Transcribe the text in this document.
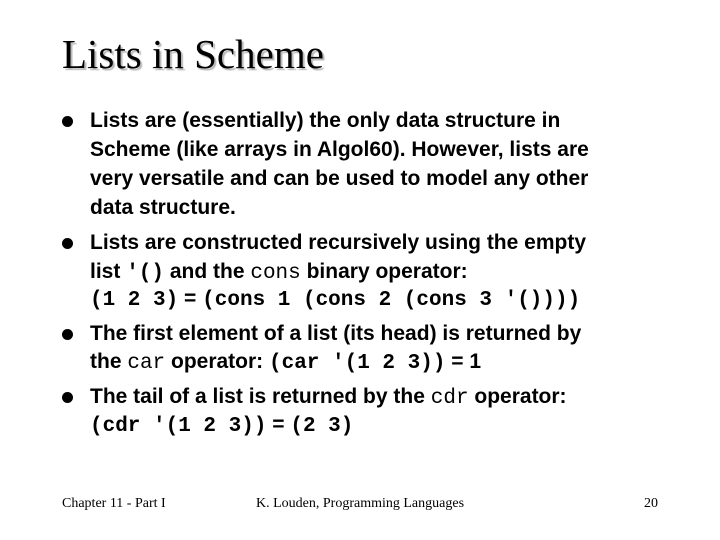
Lists in Scheme
Lists are (essentially) the only data structure in
Scheme (like arrays in Algol60). However, lists are
very versatile and can be used to model any other
data structure.
Lists are constructed recursively using the empty
list '() and the cons binary operator:
(1 2 3) = (cons 1 (cons 2 (cons 3 '())))
The first element of a list (its head) is returned by
the car operator: (car '(1 2 3)) = 1
The tail of a list is returned by the cdr operator:
(cdr '(1 2 3)) = (2 3)
Chapter 11 - Part I	K. Louden, Programming Languages	20
